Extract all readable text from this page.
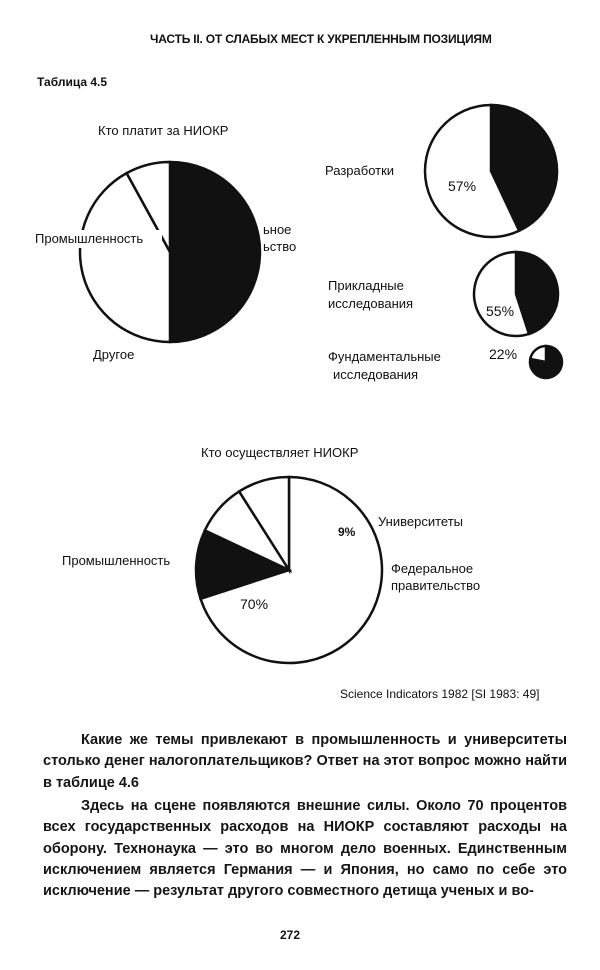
ЧАСТЬ II. ОТ СЛАБЫХ МЕСТ К УКРЕПЛЕННЫМ ПОЗИЦИЯМ
Таблица 4.5
Кто платит за НИОКР
Промышленность
ьное ьство
Другое
Разработки
Прикладные исследования
Фундаментальные исследования
57%
55%
22%
Кто осуществляет НИОКР
Промышленность
70%
Университеты
9%
Федеральное правительство
Science Indicators 1982 [SI 1983: 49]

Какие же темы привлекают в промышленность и университеты столько денег налогоплательщиков? Ответ на этот вопрос можно найти в таблице 4.6

Здесь на сцене появляются внешние силы. Около 70 процентов всех государственных расходов на НИОКР составляют расходы на оборону. Технонаука — это во многом дело военных. Единственным исключением является Германия — и Япония, но само по себе это исключение — результат другого совместного детища ученых и во-

272
